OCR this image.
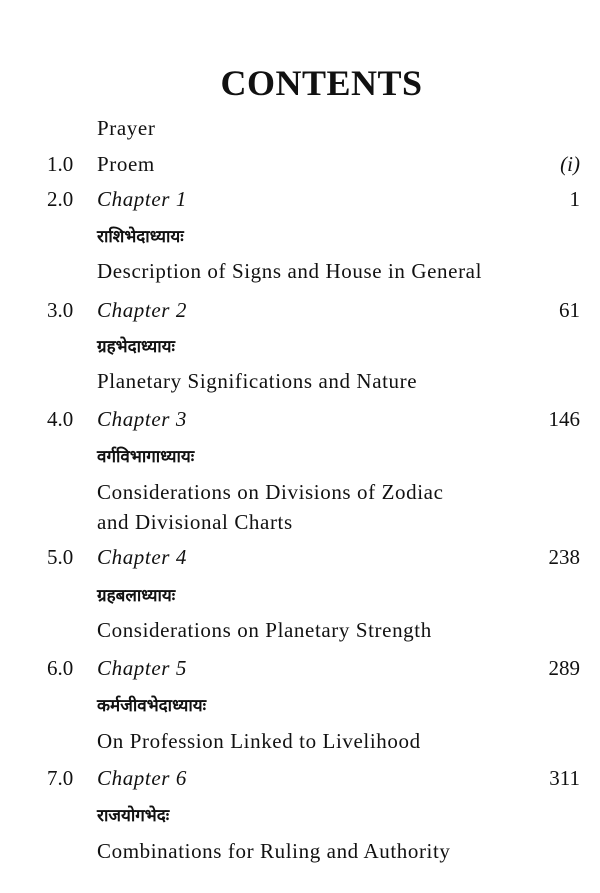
CONTENTS
Prayer
1.0 Proem	(i)
2.0 Chapter 1	1
राशिभेदाध्यायः
Description of Signs and House in General
3.0 Chapter 2	61
ग्रहभेदाध्यायः
Planetary Significations and Nature
4.0 Chapter 3	146
वर्गविभागाध्यायः
Considerations on Divisions of Zodiac
and Divisional Charts
5.0 Chapter 4	238
ग्रहबलाध्यायः
Considerations on Planetary Strength
6.0 Chapter 5	289
कर्मजीवभेदाध्यायः
On Profession Linked to Livelihood
7.0 Chapter 6	311
राजयोगभेदः
Combinations for Ruling and Authority
